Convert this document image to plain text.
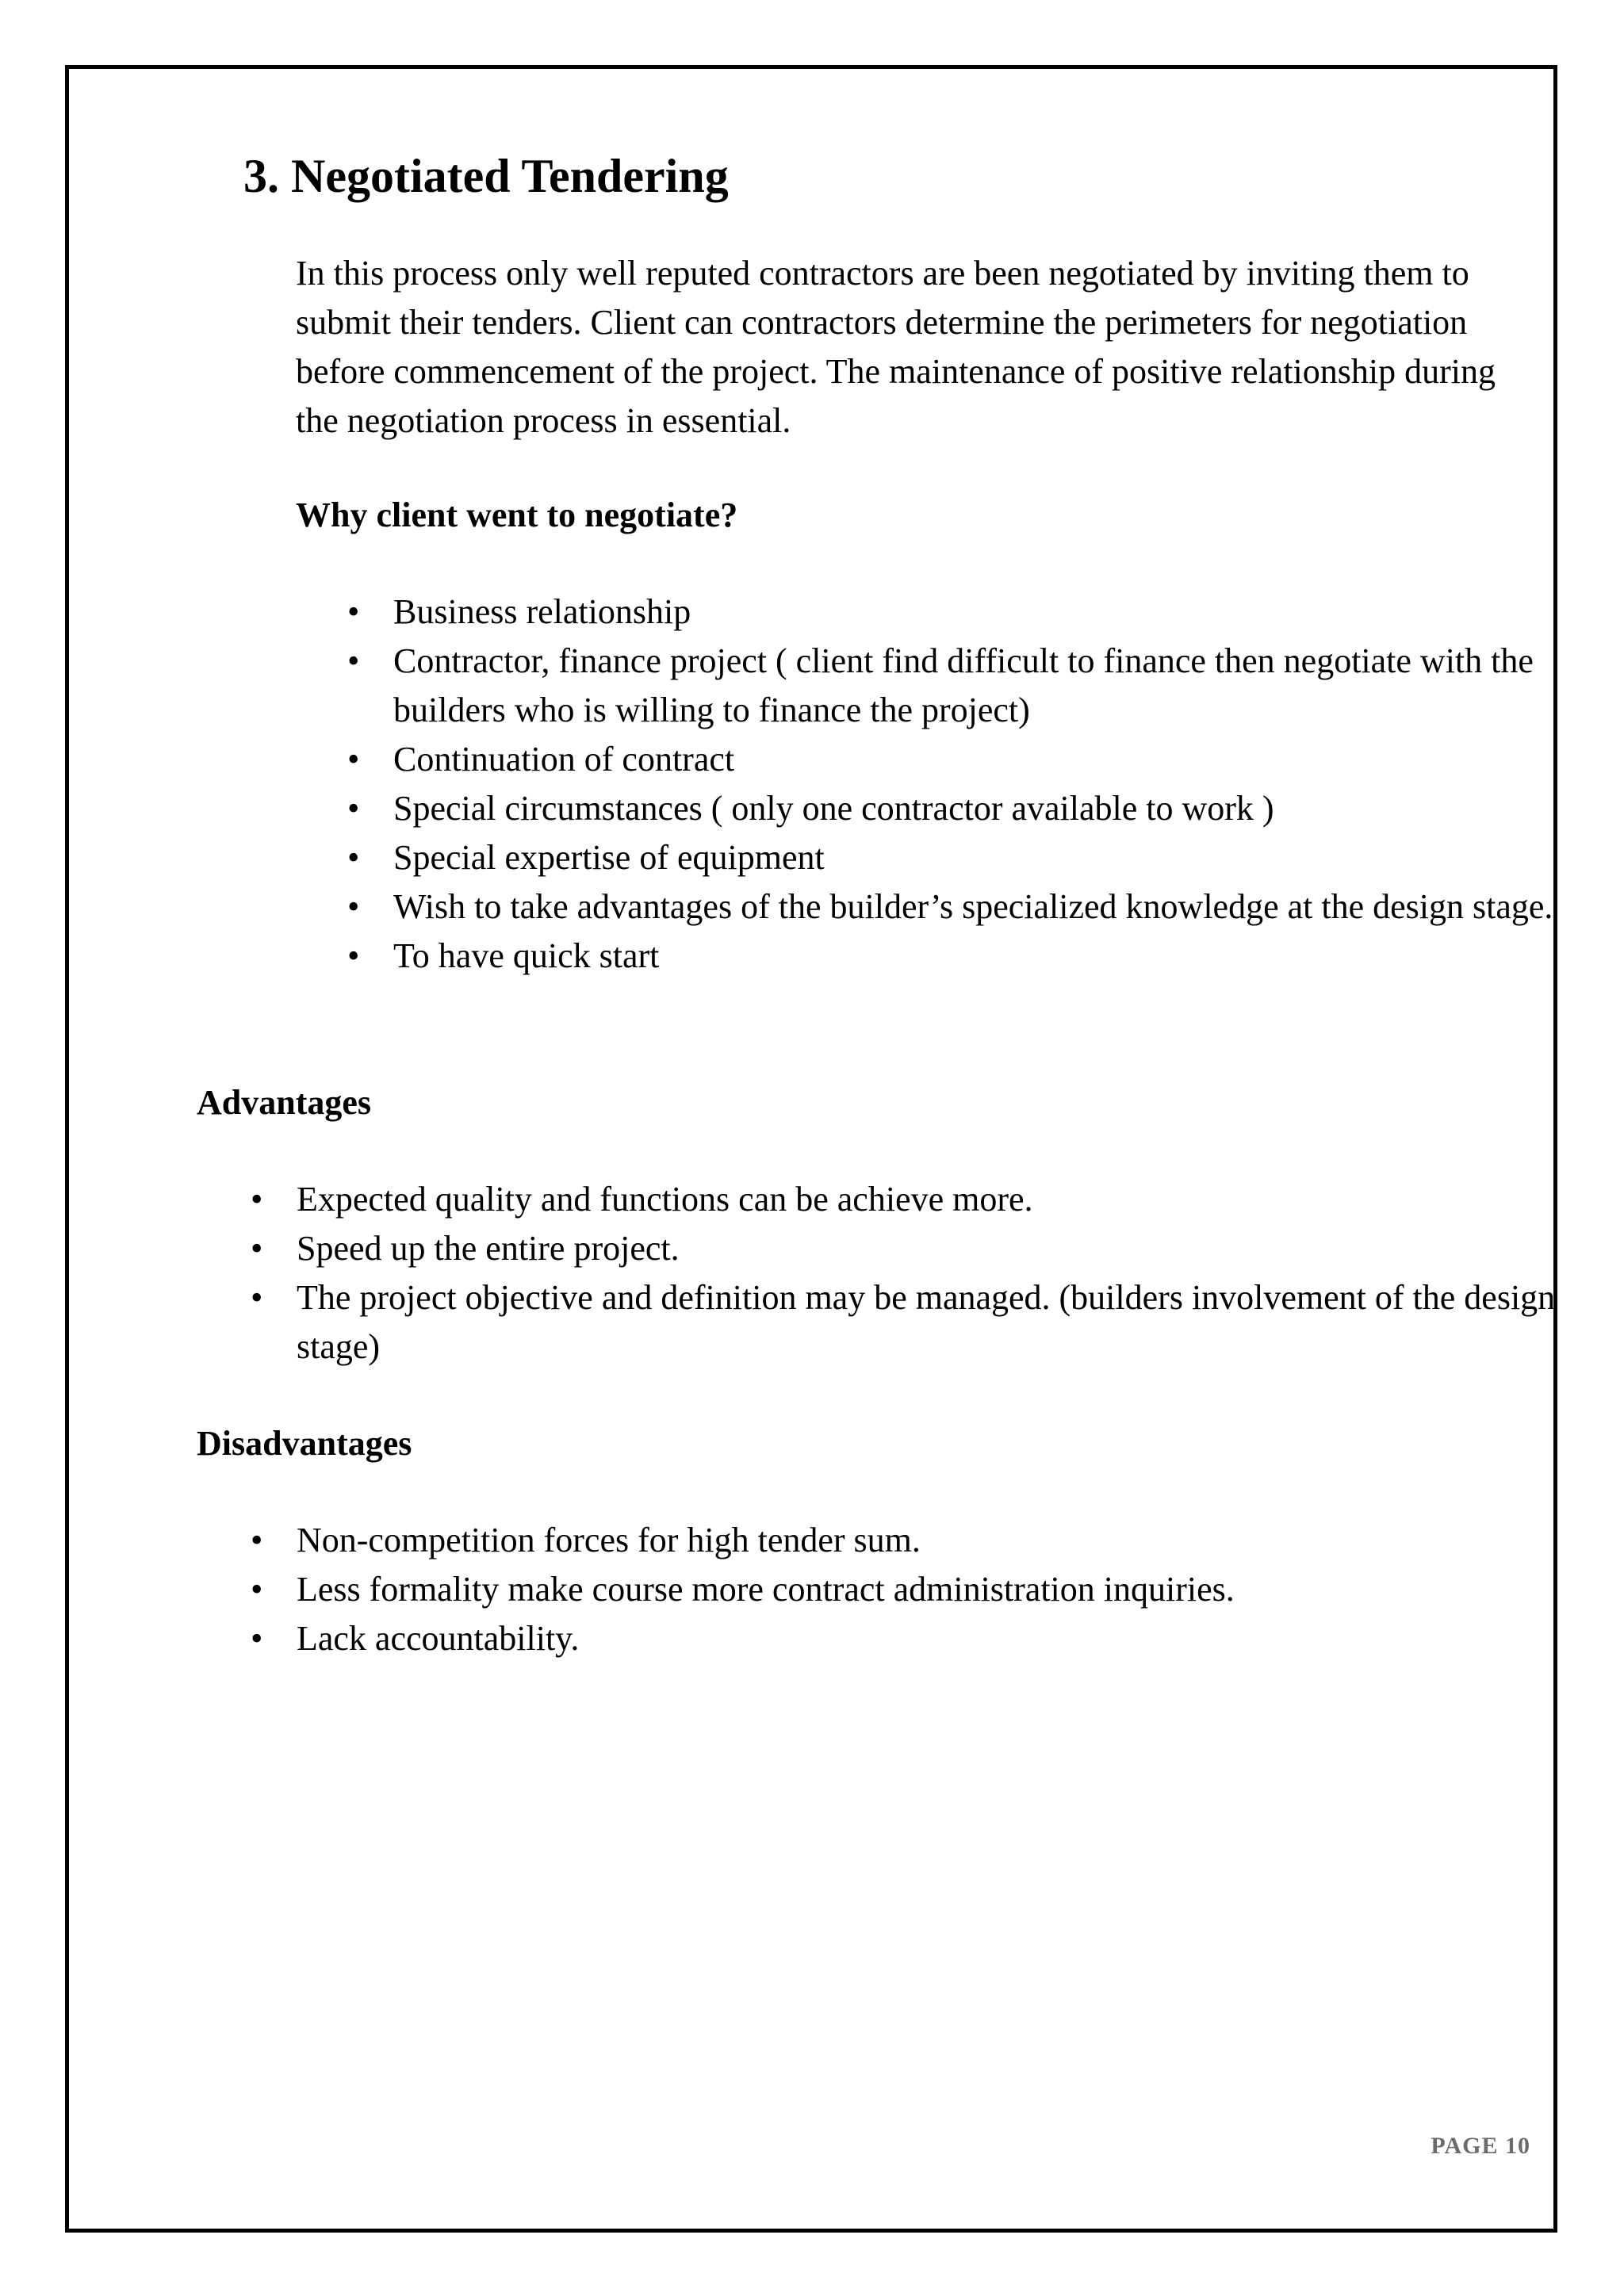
3. Negotiated Tendering

In this process only well reputed contractors are been negotiated by inviting them to submit their tenders. Client can contractors determine the perimeters for negotiation before commencement of the project. The maintenance of positive relationship during the negotiation process in essential.

Why client went to negotiate?

• Business relationship
• Contractor, finance project ( client find difficult to finance then negotiate with the builders who is willing to finance the project)
• Continuation of contract
• Special circumstances ( only one contractor available to work )
• Special expertise of equipment
• Wish to take advantages of the builder’s specialized knowledge at the design stage.
• To have quick start

Advantages

• Expected quality and functions can be achieve more.
• Speed up the entire project.
• The project objective and definition may be managed. (builders involvement of the design stage)

Disadvantages

• Non-competition forces for high tender sum.
• Less formality make course more contract administration inquiries.
• Lack accountability.
PAGE 10
